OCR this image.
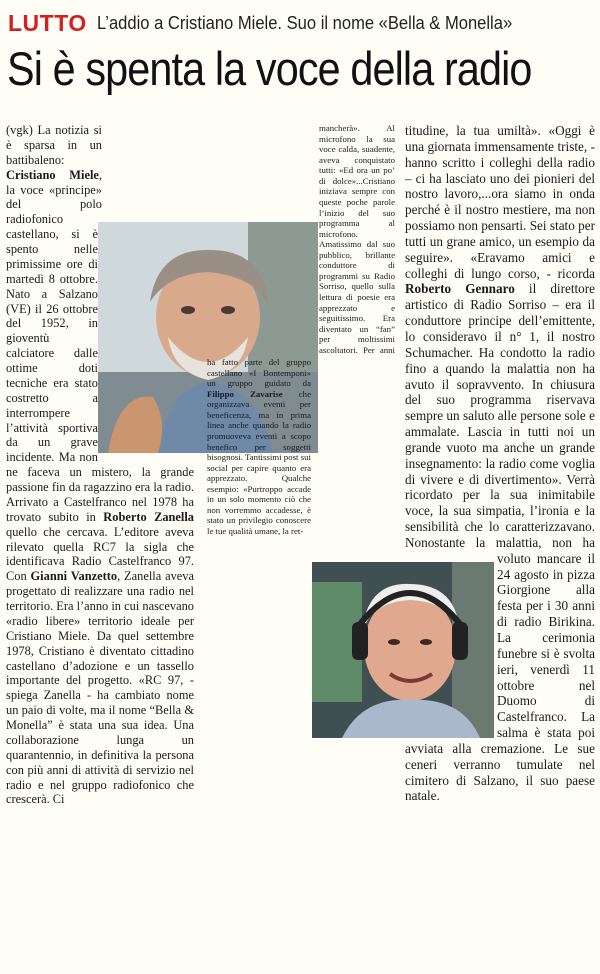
LUTTO L’addio a Cristiano Miele. Suo il nome «Bella & Monella»
Si è spenta la voce della radio

(vgk) La notizia si è sparsa in un battibaleno: Cristiano Miele, la voce «principe» del polo radiofonico castellano, si è spento nelle primissime ore di martedì 8 ottobre. Nato a Salzano (VE) il 26 ottobre del 1952, in gioventù calciatore dalle ottime doti tecniche era stato costretto a interrompere l’attività sportiva da un grave incidente. Ma non ne faceva un mistero, la grande passione fin da ragazzino era la radio. Arrivato a Castelfranco nel 1978 ha trovato subito in Roberto Zanella quello che cercava. L’editore aveva rilevato quella RC7 la sigla che identificava Radio Castelfranco 97. Con Gianni Vanzetto, Zanella aveva progettato di realizzare una radio nel territorio. Era l’anno in cui nascevano «radio libere» territorio ideale per Cristiano Miele. Da quel settembre 1978, Cristiano è diventato cittadino castellano d’adozione e un tassello importante del progetto. «RC 97, - spiega Zanella - ha cambiato nome un paio di volte, ma il nome “Bella & Monella” è stata una sua idea. Una collaborazione lunga un quarantennio, in definitiva la persona con più anni di attività di servizio nel radio e nel gruppo radiofonico che crescerà. Ci

mancherà». Al microfono la sua voce calda, suadente, aveva conquistato tutti: «Ed ora un po’ di dolce»...Cristiano iniziava sempre con queste poche parole l’inizio del suo programma al microfono. Amatissimo dal suo pubblico, brillante conduttore di programmi su Radio Sorriso, quello sulla lettura di poesie era apprezzato e seguitissimo. Era diventato un “fan” per moltissimi ascoltatori. Per anni ha fatto parte del gruppo castellano «I Bontemponi» un gruppo guidato da Filippo Zavarise che organizzava eventi per beneficenza, ma in prima linea anche quando la radio promuoveva eventi a scopo benefico per soggetti bisognosi. Tantissimi post sui social per capire quanto era apprezzato. Qualche esempio: «Purtroppo accade in un solo momento ciò che non vorremmo accadesse, è stato un privilegio conoscere le tue qualità umane, la ret-

titudine, la tua umiltà». «Oggi è una giornata immensamente triste, - hanno scritto i colleghi della radio – ci ha lasciato uno dei pionieri del nostro lavoro,...ora siamo in onda perché è il nostro mestiere, ma non possiamo non pensarti. Sei stato per tutti un grane amico, un esempio da seguire». «Eravamo amici e colleghi di lungo corso, - ricorda Roberto Gennaro il direttore artistico di Radio Sorriso – era il conduttore principe dell’emittente, lo consideravo il n° 1, il nostro Schumacher. Ha condotto la radio fino a quando la malattia non ha avuto il sopravvento. In chiusura del suo programma riservava sempre un saluto alle persone sole e ammalate. Lascia in tutti noi un grande vuoto ma anche un grande insegnamento: la radio come voglia di vivere e di divertimento». Verrà ricordato per la sua inimitabile voce, la sua simpatia, l’ironia e la sensibilità che lo caratterizzavano. Nonostante la malattia, non ha voluto mancare il 24 agosto in pizza Giorgione alla festa per i 30 anni di radio Birikina. La cerimonia funebre si è svolta ieri, venerdì 11 ottobre nel Duomo di Castelfranco. La salma è stata poi avviata alla cremazione. Le sue ceneri verranno tumulate nel cimitero di Salzano, il suo paese natale.
